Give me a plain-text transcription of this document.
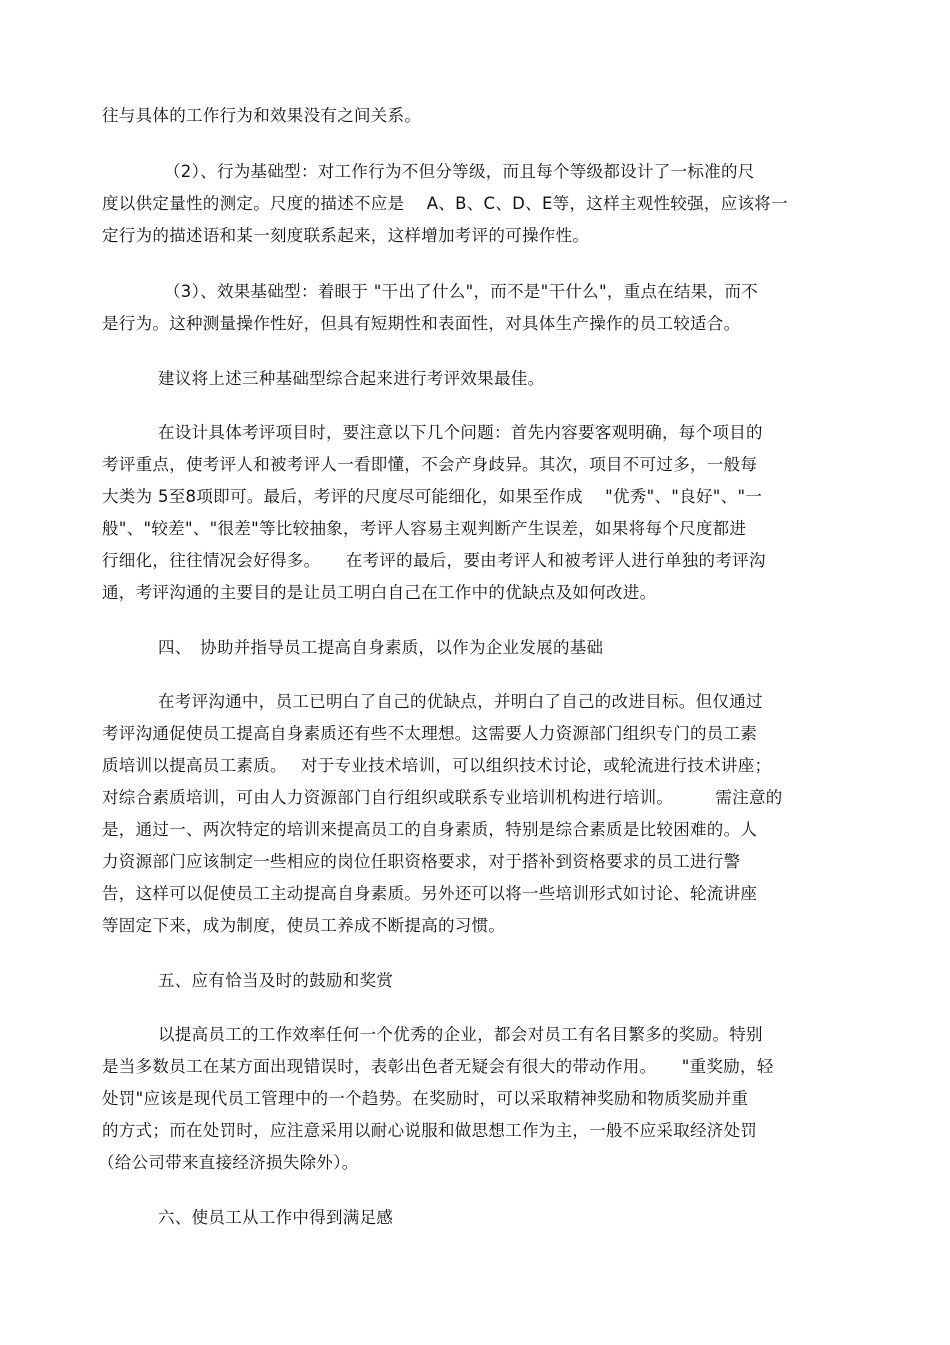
往与具体的工作行为和效果没有之间关系。
（2）、行为基础型：对工作行为不但分等级，而且每个等级都设计了一标准的尺
度以供定量性的测定。尺度的描述不应是　 A、B、C、D、E等，这样主观性较强，应该将一
定行为的描述语和某一刻度联系起来，这样增加考评的可操作性。
（3）、效果基础型：着眼于 "干出了什么"，而不是"干什么"，重点在结果，而不
是行为。这种测量操作性好，但具有短期性和表面性，对具体生产操作的员工较适合。
建议将上述三种基础型综合起来进行考评效果最佳。
在设计具体考评项目时，要注意以下几个问题：首先内容要客观明确，每个项目的
考评重点，使考评人和被考评人一看即懂，不会产身歧异。其次，项目不可过多，一般每
大类为 5至8项即可。最后，考评的尺度尽可能细化，如果至作成　 "优秀"、"良好"、"一
般"、"较差"、"很差"等比较抽象，考评人容易主观判断产生误差，如果将每个尺度都进
行细化，往往情况会好得多。　　在考评的最后，要由考评人和被考评人进行单独的考评沟
通，考评沟通的主要目的是让员工明白自己在工作中的优缺点及如何改进。
四、　协助并指导员工提高自身素质，以作为企业发展的基础
在考评沟通中，员工已明白了自己的优缺点，并明白了自己的改进目标。但仅通过
考评沟通促使员工提高自身素质还有些不太理想。这需要人力资源部门组织专门的员工素
质培训以提高员工素质。　 对于专业技术培训，可以组织技术讨论，或轮流进行技术讲座；
对综合素质培训，可由人力资源部门自行组织或联系专业培训机构进行培训。　　　需注意的
是，通过一、两次特定的培训来提高员工的自身素质，特别是综合素质是比较困难的。人
力资源部门应该制定一些相应的岗位任职资格要求，对于搭补到资格要求的员工进行警
告，这样可以促使员工主动提高自身素质。另外还可以将一些培训形式如讨论、轮流讲座
等固定下来，成为制度，使员工养成不断提高的习惯。
五、应有恰当及时的鼓励和奖赏
以提高员工的工作效率任何一个优秀的企业，都会对员工有名目繁多的奖励。特别
是当多数员工在某方面出现错误时，表彰出色者无疑会有很大的带动作用。　　"重奖励，轻
处罚"应该是现代员工管理中的一个趋势。在奖励时，可以采取精神奖励和物质奖励并重
的方式；而在处罚时，应注意采用以耐心说服和做思想工作为主，一般不应采取经济处罚
（给公司带来直接经济损失除外）。
六、使员工从工作中得到满足感
